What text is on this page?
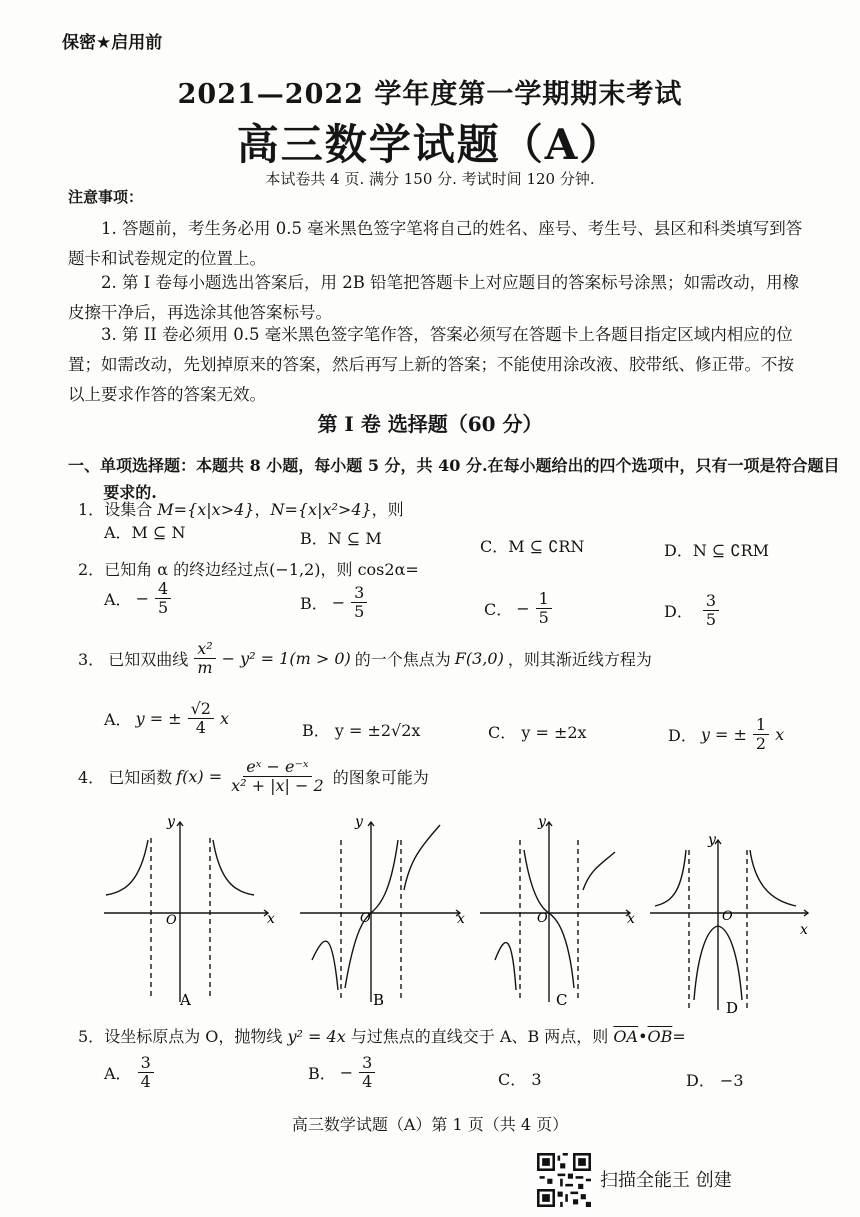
保密★启用前
2021—2022 学年度第一学期期末考试
高三数学试题（A）
本试卷共 4 页. 满分 150 分. 考试时间 120 分钟.
注意事项：
1. 答题前，考生务必用 0.5 毫米黑色签字笔将自己的姓名、座号、考生号、县区和科类填写到答题卡和试卷规定的位置上。
2. 第 I 卷每小题选出答案后，用 2B 铅笔把答题卡上对应题目的答案标号涂黑；如需改动，用橡皮擦干净后，再选涂其他答案标号。
3. 第 II 卷必须用 0.5 毫米黑色签字笔作答，答案必须写在答题卡上各题目指定区域内相应的位置；如需改动，先划掉原来的答案，然后再写上新的答案；不能使用涂改液、胶带纸、修正带。不按以上要求作答的答案无效。
第 I 卷 选择题（60 分）
一、单项选择题：本题共 8 小题，每小题 5 分，共 40 分.在每小题给出的四个选项中，只有一项是符合题目要求的.
1．设集合 M={x|x>4}，N={x|x²>4}，则
A．M ⊆ N	B．N ⊆ M	C．M ⊆ ∁RN	D．N ⊆ ∁RM
2．已知角 α 的终边经过点(−1,2)，则 cos2α=
A． − $\frac{4}{5}$	B． − $\frac{3}{5}$	C． − $\frac{1}{5}$	D． $\frac{3}{5}$
3． 已知双曲线 $\frac{\text{x²}}{m} - y^2 = 1(m > 0)$ 的一个焦点为 F(3,0) ，则其渐近线方程为
A． y = ± $\frac{√2}{4}$ x
B． y = ±2√2x	C． y = ±2x	D． y = ± $\frac{1}{2}$ x
4． 已知函数 $f(x) = \frac{\text{eˣ − e⁻ˣ}}{\text{x² + |x| − 2}}$ 的图象可能为
y
x
O
A
y
x
O
B
y
x
O
C
y
x
O
D
5．设坐标原点为 O，抛物线 y² = 4x 与过焦点的直线交于 A、B 两点，则 $\overline{OA}•\overline{OB}=$
A． $\frac{3}{4}$	B． − $\frac{3}{4}$	C． 3	D． −3
高三数学试题（A）第 1 页（共 4 页）
扫描全能王 创建
